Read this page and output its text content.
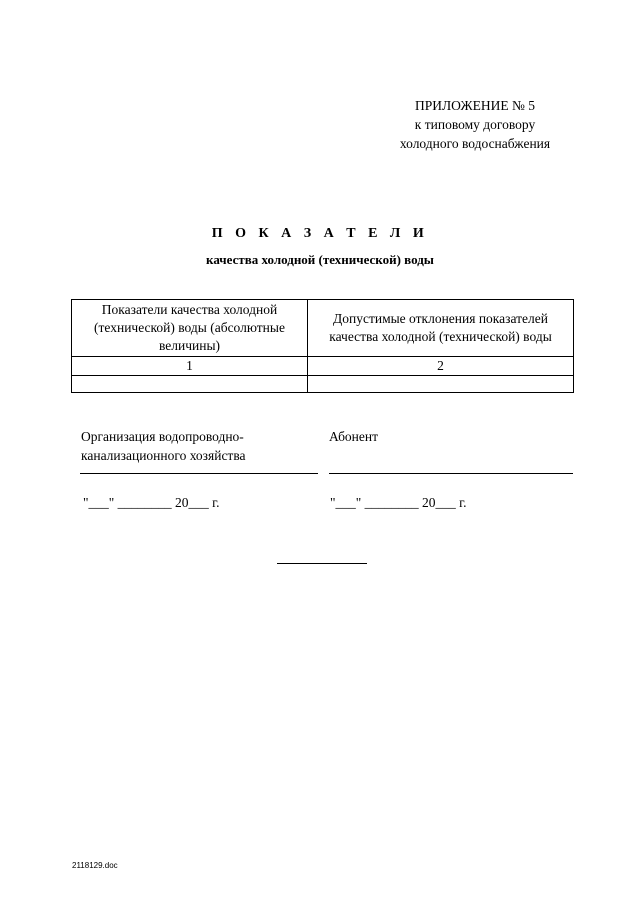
ПРИЛОЖЕНИЕ № 5
к типовому договору
холодного водоснабжения
П О К А З А Т Е Л И
качества холодной (технической) воды
Показатели качества холодной (технической) воды (абсолютные величины)	Допустимые отклонения показателей качества холодной (технической) воды
1	2

Организация водопроводно-
канализационного хозяйства
Абонент
"___" ________ 20___ г.	"___" ________ 20___ г.
2118129.doc
